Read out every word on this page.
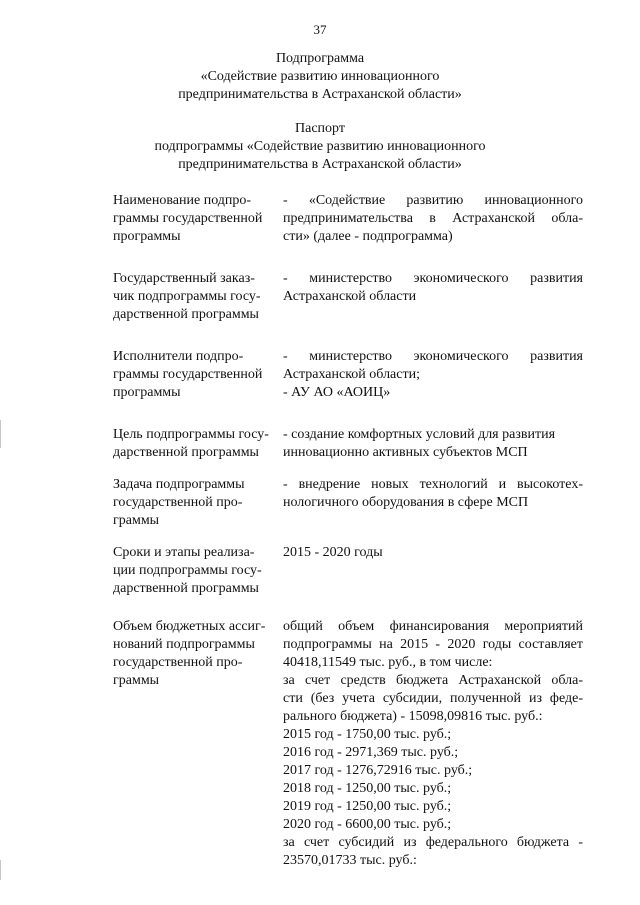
37
Подпрограмма
«Содействие развитию инновационного
предпринимательства в Астраханской области»
Паспорт
подпрограммы «Содействие развитию инновационного
предпринимательства в Астраханской области»
Наименование подпро-
граммы государственной
программы
- «Содействие развитию инновационного
предпринимательства в Астраханской обла-
сти» (далее - подпрограмма)
Государственный заказ-
чик подпрограммы госу-
дарственной программы
- министерство экономического развития
Астраханской области
Исполнители подпро-
граммы государственной
программы
- министерство экономического развития
Астраханской области;
- АУ АО «АОИЦ»
Цель подпрограммы госу-
дарственной программы
- создание комфортных условий для развития
инновационно активных субъектов МСП
Задача подпрограммы
государственной про-
граммы
- внедрение новых технологий и высокотех-
нологичного оборудования в сфере МСП
Сроки и этапы реализа-
ции подпрограммы госу-
дарственной программы
2015 - 2020 годы
Объем бюджетных ассиг-
нований подпрограммы
государственной про-
граммы
общий объем финансирования мероприятий
подпрограммы на 2015 - 2020 годы составляет
40418,11549 тыс. руб., в том числе:
за счет средств бюджета Астраханской обла-
сти (без учета субсидии, полученной из феде-
рального бюджета) - 15098,09816 тыс. руб.:
2015 год - 1750,00 тыс. руб.;
2016 год - 2971,369 тыс. руб.;
2017 год - 1276,72916 тыс. руб.;
2018 год - 1250,00 тыс. руб.;
2019 год - 1250,00 тыс. руб.;
2020 год - 6600,00 тыс. руб.;
за счет субсидий из федерального бюджета -
23570,01733 тыс. руб.:
